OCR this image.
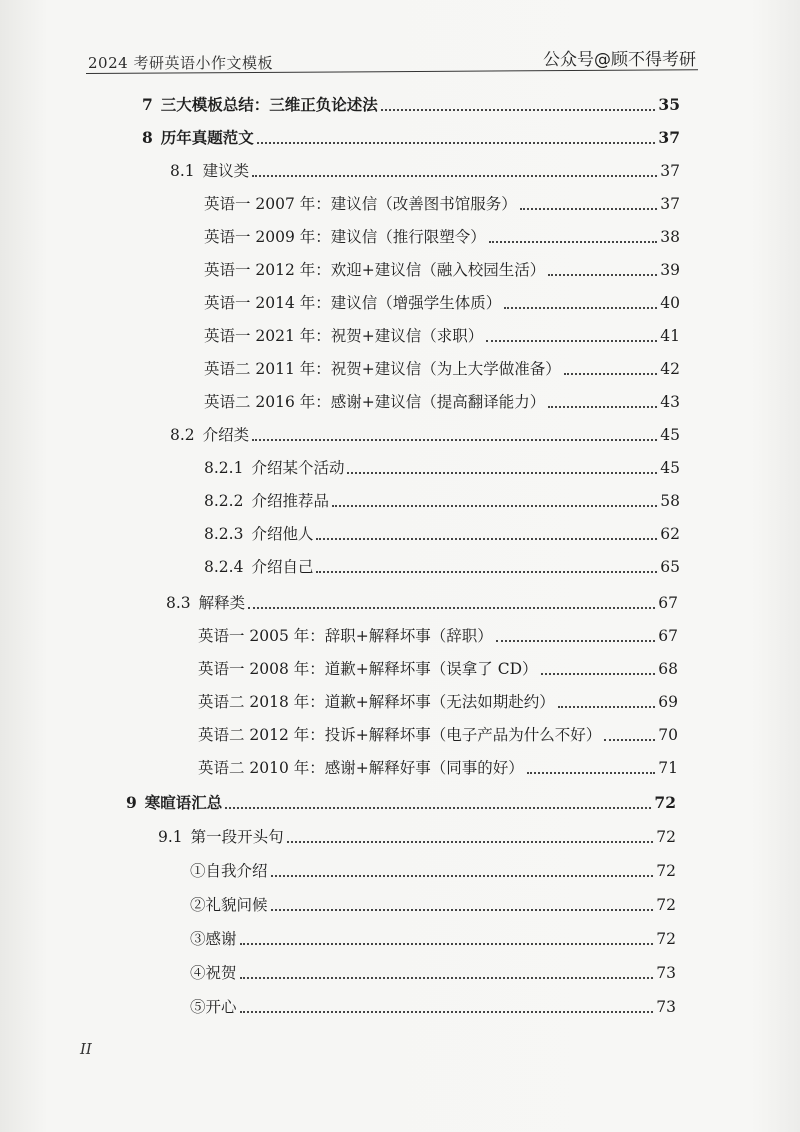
2024 考研英语小作文模板	公众号@顾不得考研
7 三大模板总结：三维正负论述法	35
8 历年真题范文	37
8.1 建议类	37
英语一 2007 年：建议信（改善图书馆服务）	37
英语一 2009 年：建议信（推行限塑令）	38
英语一 2012 年：欢迎+建议信（融入校园生活）	39
英语一 2014 年：建议信（增强学生体质）	40
英语一 2021 年：祝贺+建议信（求职）	41
英语二 2011 年：祝贺+建议信（为上大学做准备）	42
英语二 2016 年：感谢+建议信（提高翻译能力）	43
8.2 介绍类	45
8.2.1 介绍某个活动	45
8.2.2 介绍推荐品	58
8.2.3 介绍他人	62
8.2.4 介绍自己	65
8.3 解释类	67
英语一 2005 年：辞职+解释坏事（辞职）	67
英语一 2008 年：道歉+解释坏事（误拿了 CD）	68
英语二 2018 年：道歉+解释坏事（无法如期赴约）	69
英语二 2012 年：投诉+解释坏事（电子产品为什么不好）	70
英语二 2010 年：感谢+解释好事（同事的好）	71
9 寒暄语汇总	72
9.1 第一段开头句	72
①自我介绍	72
②礼貌问候	72
③感谢	72
④祝贺	73
⑤开心	73
II
